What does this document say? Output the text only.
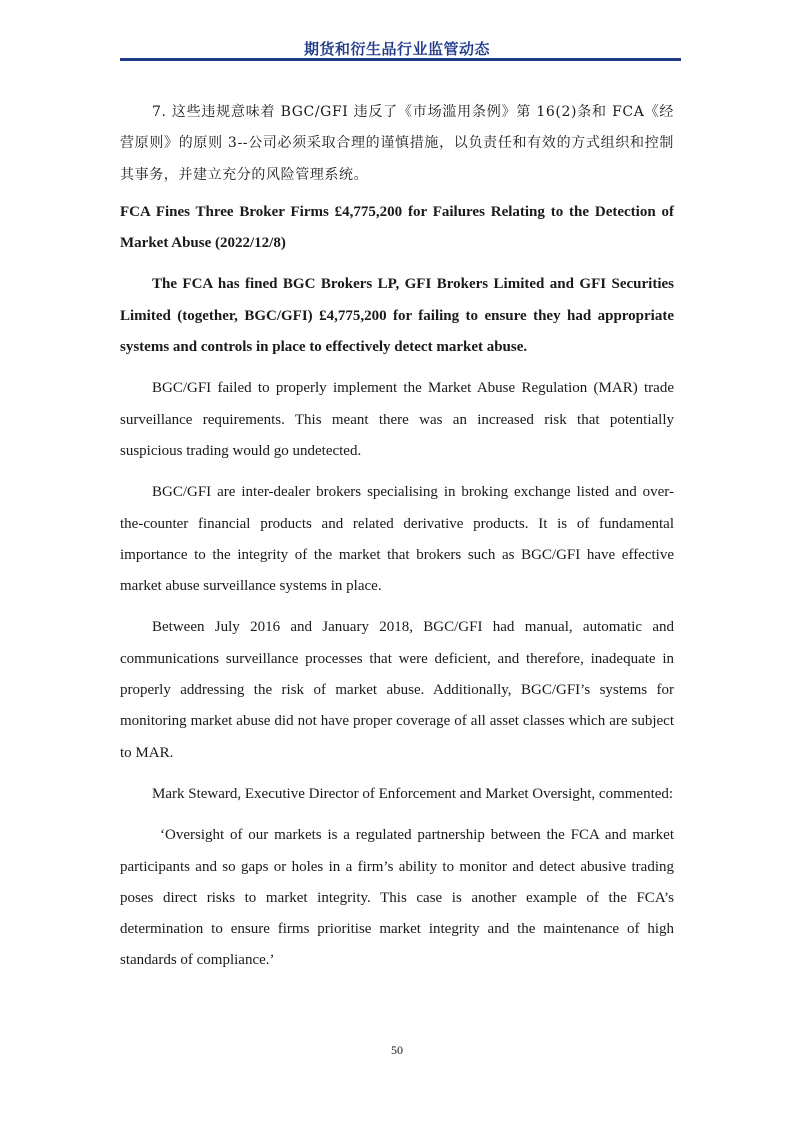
期货和衍生品行业监管动态

7. 这些违规意味着 BGC/GFI 违反了《市场滥用条例》第 16(2)条和 FCA《经营原则》的原则 3--公司必须采取合理的谨慎措施，以负责任和有效的方式组织和控制其事务，并建立充分的风险管理系统。

FCA Fines Three Broker Firms £4,775,200 for Failures Relating to the Detection of Market Abuse (2022/12/8)

The FCA has fined BGC Brokers LP, GFI Brokers Limited and GFI Securities Limited (together, BGC/GFI) £4,775,200 for failing to ensure they had appropriate systems and controls in place to effectively detect market abuse.

BGC/GFI failed to properly implement the Market Abuse Regulation (MAR) trade surveillance requirements. This meant there was an increased risk that potentially suspicious trading would go undetected.

BGC/GFI are inter-dealer brokers specialising in broking exchange listed and over-the-counter financial products and related derivative products. It is of fundamental importance to the integrity of the market that brokers such as BGC/GFI have effective market abuse surveillance systems in place.

Between July 2016 and January 2018, BGC/GFI had manual, automatic and communications surveillance processes that were deficient, and therefore, inadequate in properly addressing the risk of market abuse. Additionally, BGC/GFI’s systems for monitoring market abuse did not have proper coverage of all asset classes which are subject to MAR.

Mark Steward, Executive Director of Enforcement and Market Oversight, commented:

‘Oversight of our markets is a regulated partnership between the FCA and market participants and so gaps or holes in a firm’s ability to monitor and detect abusive trading poses direct risks to market integrity. This case is another example of the FCA’s determination to ensure firms prioritise market integrity and the maintenance of high standards of compliance.’

50
